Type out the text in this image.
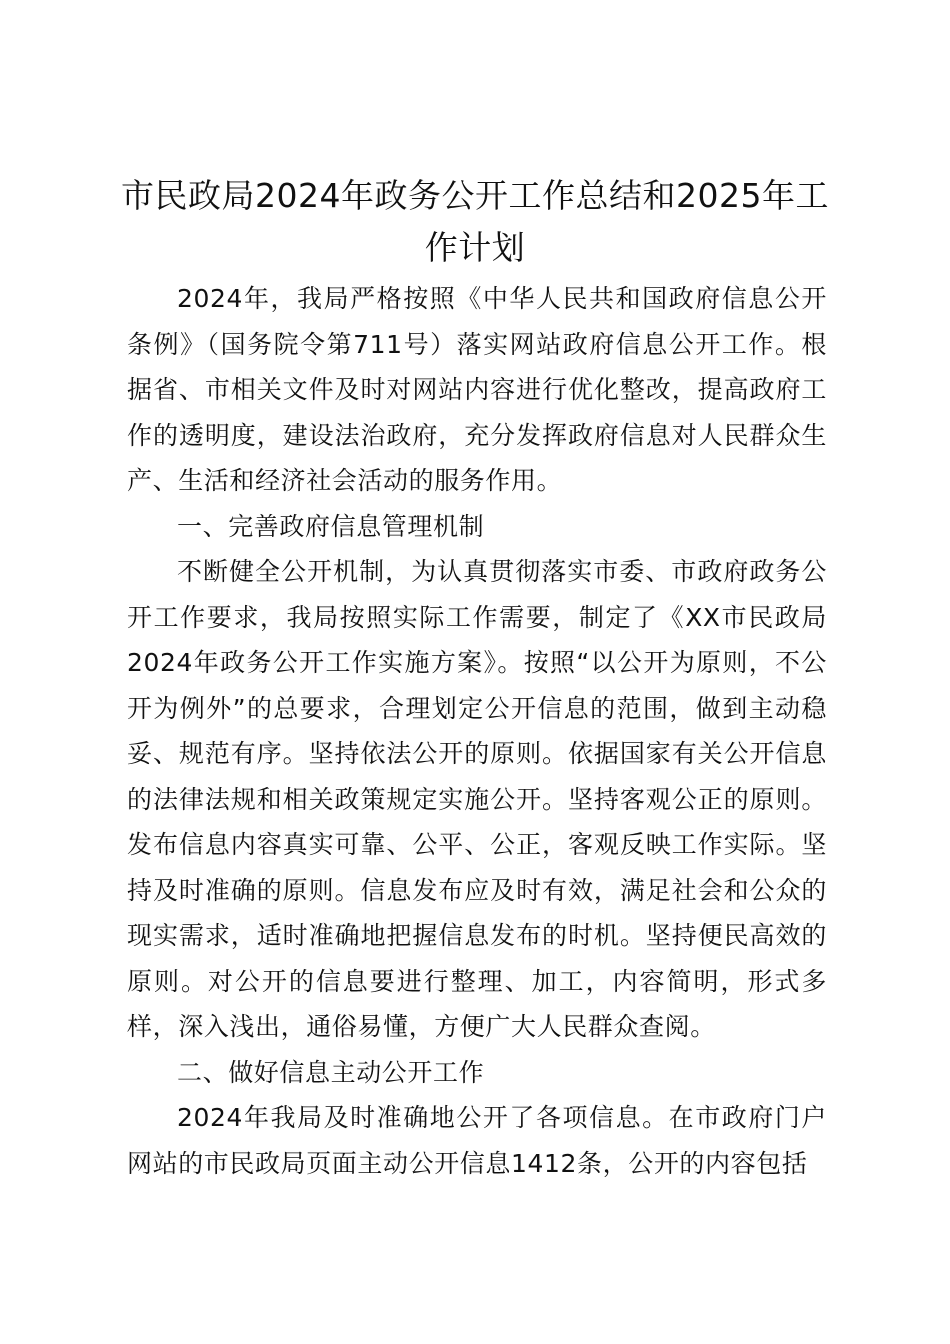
市民政局2024年政务公开工作总结和2025年工作计划

2024年，我局严格按照《中华人民共和国政府信息公开条例》（国务院令第711号）落实网站政府信息公开工作。根据省、市相关文件及时对网站内容进行优化整改，提高政府工作的透明度，建设法治政府，充分发挥政府信息对人民群众生产、生活和经济社会活动的服务作用。

一、完善政府信息管理机制

不断健全公开机制，为认真贯彻落实市委、市政府政务公开工作要求，我局按照实际工作需要，制定了《XX市民政局2024年政务公开工作实施方案》。按照“以公开为原则，不公开为例外”的总要求，合理划定公开信息的范围，做到主动稳妥、规范有序。坚持依法公开的原则。依据国家有关公开信息的法律法规和相关政策规定实施公开。坚持客观公正的原则。发布信息内容真实可靠、公平、公正，客观反映工作实际。坚持及时准确的原则。信息发布应及时有效，满足社会和公众的现实需求，适时准确地把握信息发布的时机。坚持便民高效的原则。对公开的信息要进行整理、加工，内容简明，形式多样，深入浅出，通俗易懂，方便广大人民群众查阅。

二、做好信息主动公开工作

2024年我局及时准确地公开了各项信息。在市政府门户网站的市民政局页面主动公开信息1412条，公开的内容包括
